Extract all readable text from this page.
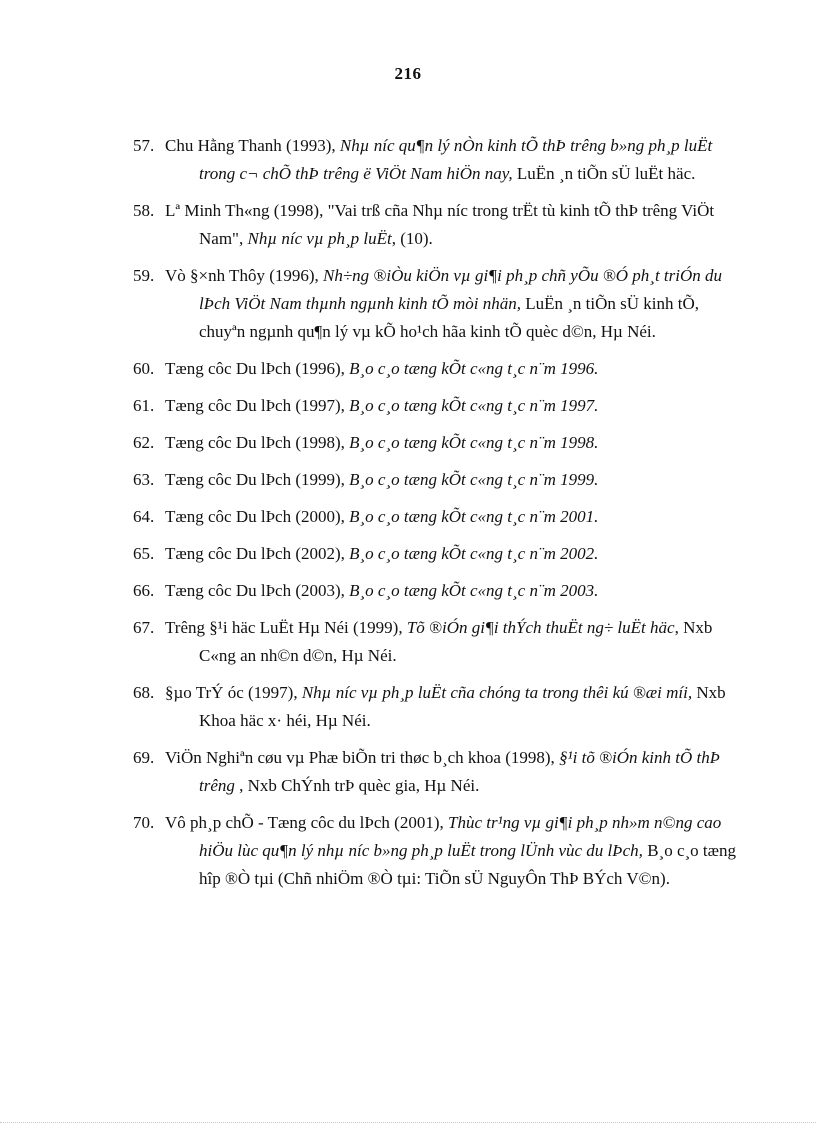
216
57. Chu Hằng Thanh (1993), Nhµ níc qu¶n lý nÒn kinh tÕ thÞ trêng b»ng ph¸p luËt trong c¬ chÕ thÞ trêng ë ViÖt Nam hiÖn nay, LuËn ¸n tiÕn sÜ luËt häc.
58. Lª Minh Th«ng (1998), "Vai trß cña Nhµ níc trong trËt tù kinh tÕ thÞ trêng ViÖt Nam", Nhµ níc vµ ph¸p luËt, (10).
59. Vò §×nh Thôy (1996), Nh÷ng ®iÒu kiÖn vµ gi¶i ph¸p chñ yÕu ®Ó ph¸t triÓn du lÞch ViÖt Nam thµnh ngµnh kinh tÕ mòi nhän, LuËn ¸n tiÕn sÜ kinh tÕ, chuyªn ngµnh qu¶n lý vµ kÕ ho¹ch hãa kinh tÕ quèc d©n, Hµ Néi.
60. Tæng côc Du lÞch (1996), B¸o c¸o tæng kÕt c«ng t¸c n¨m 1996.
61. Tæng côc Du lÞch (1997), B¸o c¸o tæng kÕt c«ng t¸c n¨m 1997.
62. Tæng côc Du lÞch (1998), B¸o c¸o tæng kÕt c«ng t¸c n¨m 1998.
63. Tæng côc Du lÞch (1999), B¸o c¸o tæng kÕt c«ng t¸c n¨m 1999.
64. Tæng côc Du lÞch (2000), B¸o c¸o tæng kÕt c«ng t¸c n¨m 2001.
65. Tæng côc Du lÞch (2002), B¸o c¸o tæng kÕt c«ng t¸c n¨m 2002.
66. Tæng côc Du lÞch (2003), B¸o c¸o tæng kÕt c«ng t¸c n¨m 2003.
67. Trêng §¹i häc LuËt Hµ Néi (1999), Tõ ®iÓn gi¶i thÝch thuËt ng÷ luËt häc, Nxb C«ng an nh©n d©n, Hµ Néi.
68. §µo TrÝ óc (1997), Nhµ níc vµ ph¸p luËt cña chóng ta trong thêi kú ®æi míi, Nxb Khoa häc x· héi, Hµ Néi.
69. ViÖn Nghiªn cøu vµ Phæ biÕn tri thøc b¸ch khoa (1998), §¹i tõ ®iÓn kinh tÕ thÞ trêng , Nxb ChÝnh trÞ quèc gia, Hµ Néi.
70. Vô ph¸p chÕ - Tæng côc du lÞch (2001), Thùc tr¹ng vµ gi¶i ph¸p nh»m n©ng cao hiÖu lùc qu¶n lý nhµ níc b»ng ph¸p luËt trong lÜnh vùc du lÞch, B¸o c¸o tæng hîp ®Ò tµi (Chñ nhiÖm ®Ò tµi: TiÕn sÜ NguyÔn ThÞ BÝch V©n).
